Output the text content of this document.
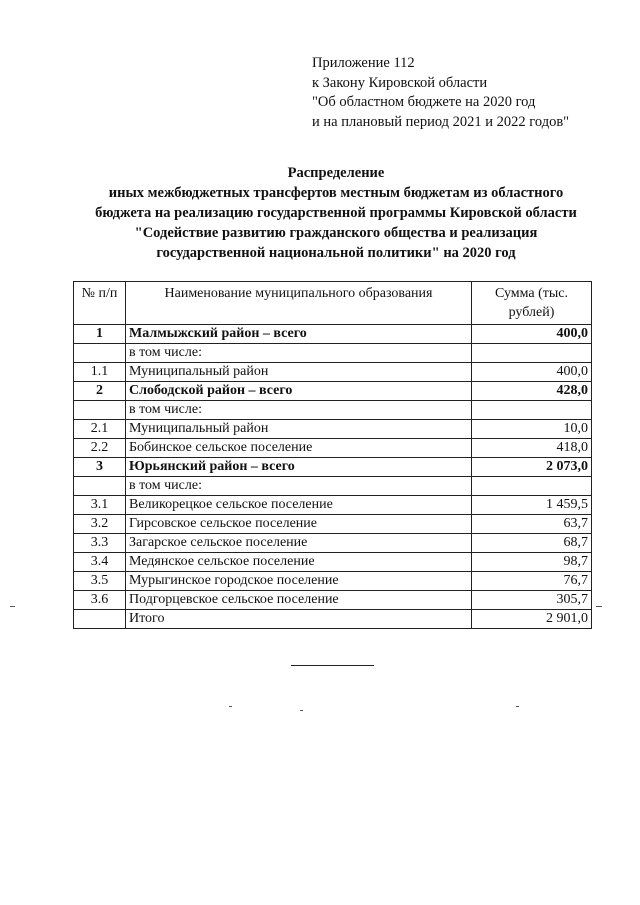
Приложение 112
к Закону Кировской области
"Об областном бюджете на 2020 год
и на плановый период 2021 и 2022 годов"
Распределение
иных межбюджетных трансфертов местным бюджетам из областного
бюджета на реализацию государственной программы Кировской области
"Содействие развитию гражданского общества и реализация
государственной национальной политики" на 2020 год
№ п/п	Наименование муниципального образования	Сумма (тыс. рублей)
1	Малмыжский район – всего	400,0
	в том числе:	
1.1	Муниципальный район	400,0
2	Слободской район – всего	428,0
	в том числе:	
2.1	Муниципальный район	10,0
2.2	Бобинское сельское поселение	418,0
3	Юрьянский район – всего	2 073,0
	в том числе:	
3.1	Великорецкое сельское поселение	1 459,5
3.2	Гирсовское сельское поселение	63,7
3.3	Загарское сельское поселение	68,7
3.4	Медянское сельское поселение	98,7
3.5	Мурыгинское городское поселение	76,7
3.6	Подгорцевское сельское поселение	305,7
	Итого	2 901,0
